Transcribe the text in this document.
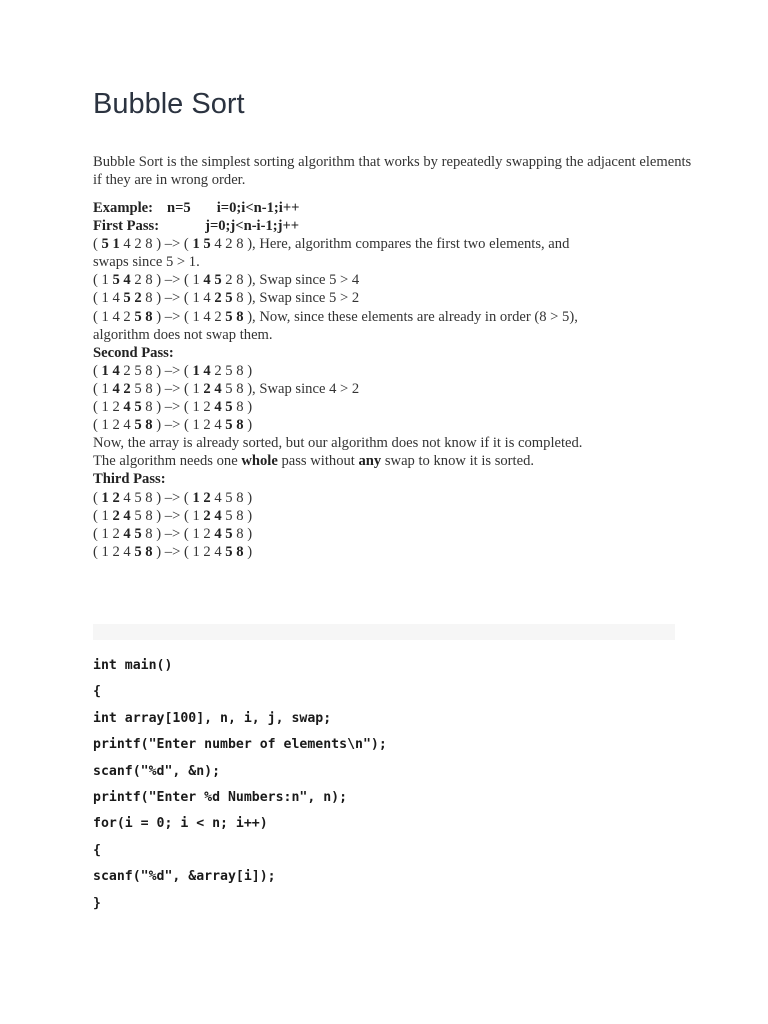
Bubble Sort
Bubble Sort is the simplest sorting algorithm that works by repeatedly swapping the adjacent elements if they are in wrong order.
Example: n=5 i=0;i<n-1;i++
First Pass:	j=0;j<n-i-1;j++
( 5 1 4 2 8 ) –> ( 1 5 4 2 8 ), Here, algorithm compares the first two elements, and
swaps since 5 > 1.
( 1 5 4 2 8 ) –> ( 1 4 5 2 8 ), Swap since 5 > 4
( 1 4 5 2 8 ) –> ( 1 4 2 5 8 ), Swap since 5 > 2
( 1 4 2 5 8 ) –> ( 1 4 2 5 8 ), Now, since these elements are already in order (8 > 5),
algorithm does not swap them.
Second Pass:
( 1 4 2 5 8 ) –> ( 1 4 2 5 8 )
( 1 4 2 5 8 ) –> ( 1 2 4 5 8 ), Swap since 4 > 2
( 1 2 4 5 8 ) –> ( 1 2 4 5 8 )
( 1 2 4 5 8 ) –> ( 1 2 4 5 8 )
Now, the array is already sorted, but our algorithm does not know if it is completed.
The algorithm needs one whole pass without any swap to know it is sorted.
Third Pass:
( 1 2 4 5 8 ) –> ( 1 2 4 5 8 )
( 1 2 4 5 8 ) –> ( 1 2 4 5 8 )
( 1 2 4 5 8 ) –> ( 1 2 4 5 8 )
( 1 2 4 5 8 ) –> ( 1 2 4 5 8 )
int main()
{
int array[100], n, i, j, swap;
printf("Enter number of elements\n");
scanf("%d", &n);
printf("Enter %d Numbers:n", n);
for(i = 0; i < n; i++)
{
scanf("%d", &array[i]);
}
